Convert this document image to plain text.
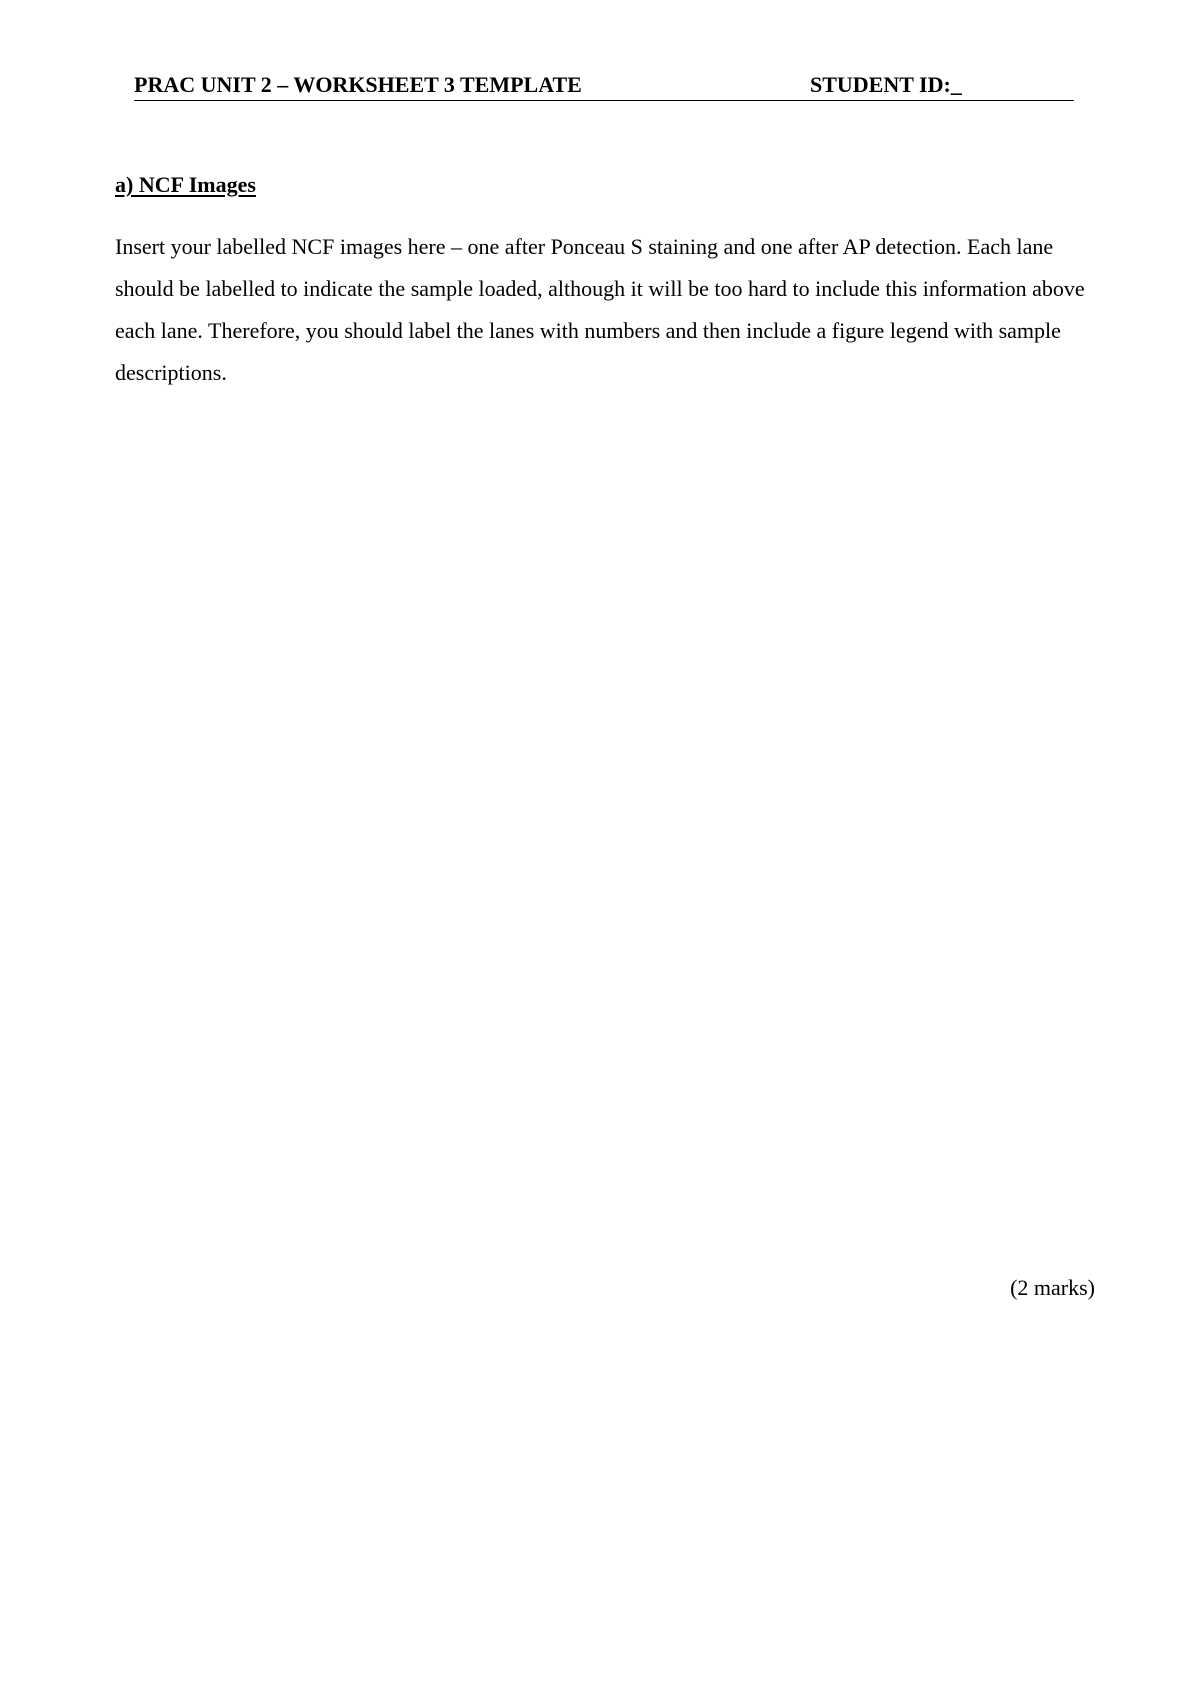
PRAC UNIT 2 – WORKSHEET 3 TEMPLATE	STUDENT ID:_
a) NCF Images

Insert your labelled NCF images here – one after Ponceau S staining and one after AP detection. Each lane should be labelled to indicate the sample loaded, although it will be too hard to include this information above each lane. Therefore, you should label the lanes with numbers and then include a figure legend with sample descriptions.

(2 marks)
